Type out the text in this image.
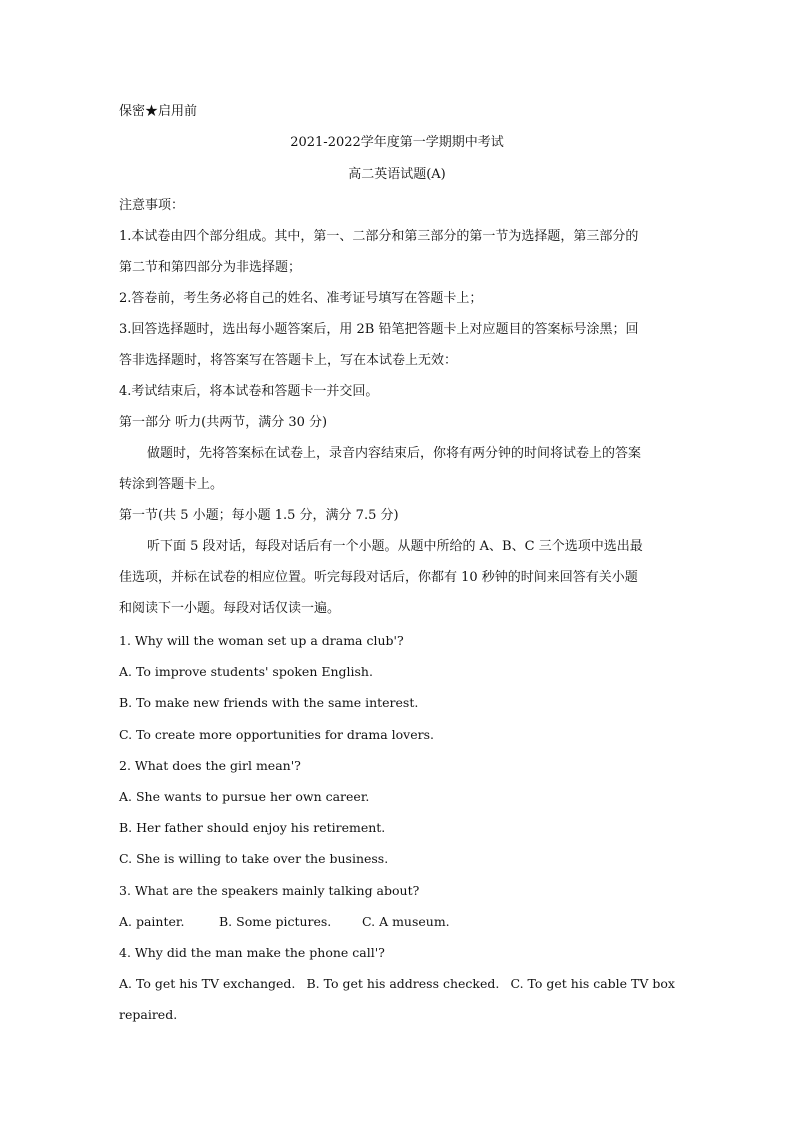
保密★启用前
2021-2022学年度第一学期期中考试
高二英语试题(A)
注意事项：
1.本试卷由四个部分组成。其中，第一、二部分和第三部分的第一节为选择题，第三部分的
第二节和第四部分为非选择题；
2.答卷前，考生务必将自己的姓名、准考证号填写在答题卡上；
3.回答选择题时，选出每小题答案后，用 2B 铅笔把答题卡上对应题目的答案标号涂黑；回
答非选择题时，将答案写在答题卡上，写在本试卷上无效：
4.考试结束后，将本试卷和答题卡一并交回。
第一部分 听力(共两节，满分 30 分)
做题时，先将答案标在试卷上，录音内容结束后，你将有两分钟的时间将试卷上的答案
转涂到答题卡上。
第一节(共 5 小题；每小题 1.5 分，满分 7.5 分)
听下面 5 段对话，每段对话后有一个小题。从题中所给的 A、B、C 三个选项中选出最
佳选项，并标在试卷的相应位置。听完每段对话后，你都有 10 秒钟的时间来回答有关小题
和阅读下一小题。每段对话仅读一遍。
1. Why will the woman set up a drama club'?
A. To improve students' spoken English.
B. To make new friends with the same interest.
C. To create more opportunities for drama lovers.
2. What does the girl mean'?
A. She wants to pursue her own career.
B. Her father should enjoy his retirement.
C. She is willing to take over the business.
3. What are the speakers mainly talking about?
A. painter.	B. Some pictures. C. A museum.
4. Why did the man make the phone call'?
A. To get his TV exchanged. B. To get his address checked. C. To get his cable TV box
repaired.
